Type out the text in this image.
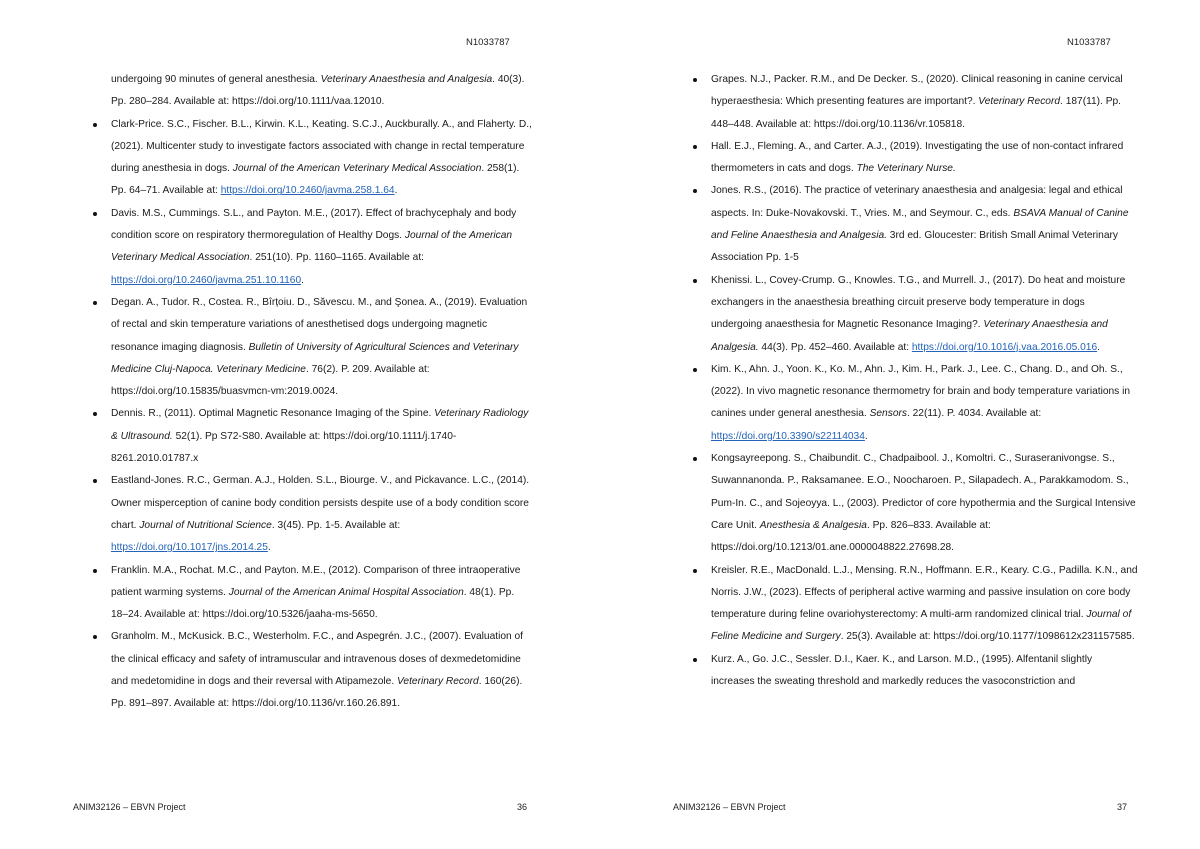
N1033787
undergoing 90 minutes of general anesthesia. Veterinary Anaesthesia and Analgesia. 40(3). Pp. 280–284. Available at: https://doi.org/10.1111/vaa.12010.
Clark-Price. S.C., Fischer. B.L., Kirwin. K.L., Keating. S.C.J., Auckburally. A., and Flaherty. D., (2021). Multicenter study to investigate factors associated with change in rectal temperature during anesthesia in dogs. Journal of the American Veterinary Medical Association. 258(1). Pp. 64–71. Available at: https://doi.org/10.2460/javma.258.1.64.
Davis. M.S., Cummings. S.L., and Payton. M.E., (2017). Effect of brachycephaly and body condition score on respiratory thermoregulation of Healthy Dogs. Journal of the American Veterinary Medical Association. 251(10). Pp. 1160–1165. Available at: https://doi.org/10.2460/javma.251.10.1160.
Degan. A., Tudor. R., Costea. R., Bîrțoiu. D., Săvescu. M., and Şonea. A., (2019). Evaluation of rectal and skin temperature variations of anesthetised dogs undergoing magnetic resonance imaging diagnosis. Bulletin of University of Agricultural Sciences and Veterinary Medicine Cluj-Napoca. Veterinary Medicine. 76(2). P. 209. Available at: https://doi.org/10.15835/buasvmcn-vm:2019.0024.
Dennis. R., (2011). Optimal Magnetic Resonance Imaging of the Spine. Veterinary Radiology & Ultrasound. 52(1). Pp S72-S80. Available at: https://doi.org/10.1111/j.1740-8261.2010.01787.x
Eastland-Jones. R.C., German. A.J., Holden. S.L., Biourge. V., and Pickavance. L.C., (2014). Owner misperception of canine body condition persists despite use of a body condition score chart. Journal of Nutritional Science. 3(45). Pp. 1-5. Available at: https://doi.org/10.1017/jns.2014.25.
Franklin. M.A., Rochat. M.C., and Payton. M.E., (2012). Comparison of three intraoperative patient warming systems. Journal of the American Animal Hospital Association. 48(1). Pp. 18–24. Available at: https://doi.org/10.5326/jaaha-ms-5650.
Granholm. M., McKusick. B.C., Westerholm. F.C., and Aspegrén. J.C., (2007). Evaluation of the clinical efficacy and safety of intramuscular and intravenous doses of dexmedetomidine and medetomidine in dogs and their reversal with Atipamezole. Veterinary Record. 160(26). Pp. 891–897. Available at: https://doi.org/10.1136/vr.160.26.891.
ANIM32126 – EBVN Project	36
N1033787
Grapes. N.J., Packer. R.M., and De Decker. S., (2020). Clinical reasoning in canine cervical hyperaesthesia: Which presenting features are important?. Veterinary Record. 187(11). Pp. 448–448. Available at: https://doi.org/10.1136/vr.105818.
Hall. E.J., Fleming. A., and Carter. A.J., (2019). Investigating the use of non-contact infrared thermometers in cats and dogs. The Veterinary Nurse.
Jones. R.S., (2016). The practice of veterinary anaesthesia and analgesia: legal and ethical aspects. In: Duke-Novakovski. T., Vries. M., and Seymour. C., eds. BSAVA Manual of Canine and Feline Anaesthesia and Analgesia. 3rd ed. Gloucester: British Small Animal Veterinary Association Pp. 1-5
Khenissi. L., Covey-Crump. G., Knowles. T.G., and Murrell. J., (2017). Do heat and moisture exchangers in the anaesthesia breathing circuit preserve body temperature in dogs undergoing anaesthesia for Magnetic Resonance Imaging?. Veterinary Anaesthesia and Analgesia. 44(3). Pp. 452–460. Available at: https://doi.org/10.1016/j.vaa.2016.05.016.
Kim. K., Ahn. J., Yoon. K., Ko. M., Ahn. J., Kim. H., Park. J., Lee. C., Chang. D., and Oh. S., (2022). In vivo magnetic resonance thermometry for brain and body temperature variations in canines under general anesthesia. Sensors. 22(11). P. 4034. Available at: https://doi.org/10.3390/s22114034.
Kongsayreepong. S., Chaibundit. C., Chadpaibool. J., Komoltri. C., Suraseranivongse. S., Suwannanonda. P., Raksamanee. E.O., Noocharoen. P., Silapadech. A., Parakkamodom. S., Pum-In. C., and Sojeoyya. L., (2003). Predictor of core hypothermia and the Surgical Intensive Care Unit. Anesthesia & Analgesia. Pp. 826–833. Available at: https://doi.org/10.1213/01.ane.0000048822.27698.28.
Kreisler. R.E., MacDonald. L.J., Mensing. R.N., Hoffmann. E.R., Keary. C.G., Padilla. K.N., and Norris. J.W., (2023). Effects of peripheral active warming and passive insulation on core body temperature during feline ovariohysterectomy: A multi-arm randomized clinical trial. Journal of Feline Medicine and Surgery. 25(3). Available at: https://doi.org/10.1177/1098612x231157585.
Kurz. A., Go. J.C., Sessler. D.I., Kaer. K., and Larson. M.D., (1995). Alfentanil slightly increases the sweating threshold and markedly reduces the vasoconstriction and
ANIM32126 – EBVN Project	37
